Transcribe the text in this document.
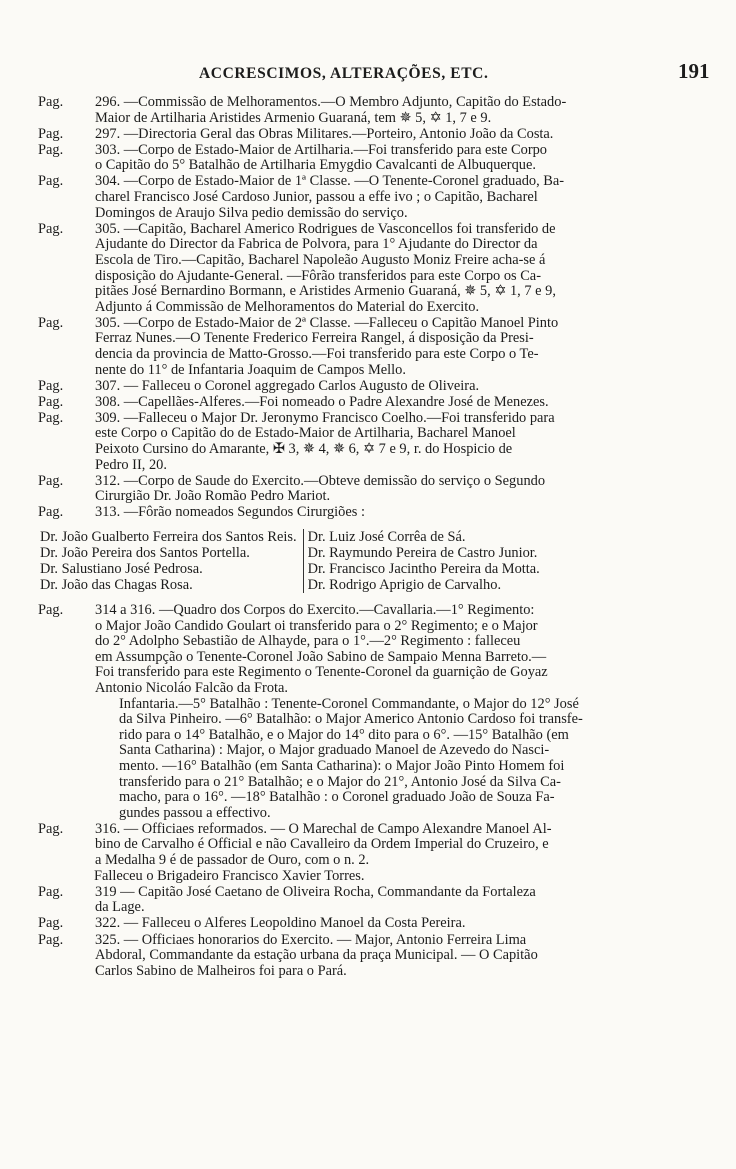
ACCRESCIMOS, ALTERAÇÕES, ETC.	191
Pag.	296. —Commissão de Melhoramentos.—O Membro Adjunto, Capitão do Estado-
Maior de Artilharia Aristides Armenio Guaraná, tem ✵ 5, ✡ 1, 7 e 9.
Pag.	297. —Directoria Geral das Obras Militares.—Porteiro, Antonio João da Costa.
Pag.	303. —Corpo de Estado-Maior de Artilharia.—Foi transferido para este Corpo
o Capitão do 5° Batalhão de Artilharia Emygdio Cavalcanti de Albuquerque.
Pag.	304. —Corpo de Estado-Maior de 1ª Classe. —O Tenente-Coronel graduado, Ba-
charel Francisco José Cardoso Junior, passou a effe ivo ; o Capitão, Bacharel
Domingos de Araujo Silva pedio demissão do serviço.
Pag.	305. —Capitão, Bacharel Americo Rodrigues de Vasconcellos foi transferido de
Ajudante do Director da Fabrica de Polvora, para 1° Ajudante do Director da
Escola de Tiro.—Capitão, Bacharel Napoleão Augusto Moniz Freire acha-se á
disposição do Ajudante-General. —Fôrão transferidos para este Corpo os Ca-
pitães José Bernardino Bormann, e Aristides Armenio Guaraná, ✵ 5, ✡ 1, 7 e 9,
Adjunto á Commissão de Melhoramentos do Material do Exercito.
Pag.	305. —Corpo de Estado-Maior de 2ª Classe. —Falleceu o Capitão Manoel Pinto
Ferraz Nunes.—O Tenente Frederico Ferreira Rangel, á disposição da Presi-
dencia da provincia de Matto-Grosso.—Foi transferido para este Corpo o Te-
nente do 11° de Infantaria Joaquim de Campos Mello.
Pag.	307. — Falleceu o Coronel aggregado Carlos Augusto de Oliveira.
Pag.	308. —Capellães-Alferes.—Foi nomeado o Padre Alexandre José de Menezes.
Pag.	309. —Falleceu o Major Dr. Jeronymo Francisco Coelho.—Foi transferido para
este Corpo o Capitão do de Estado-Maior de Artilharia, Bacharel Manoel
Peixoto Cursino do Amarante, ✠ 3, ✵ 4, ✵ 6, ✡ 7 e 9, r. do Hospicio de
Pedro II, 20.
Pag.	312. —Corpo de Saude do Exercito.—Obteve demissão do serviço o Segundo
Cirurgião Dr. João Romão Pedro Mariot.
Pag.	313. —Fôrão nomeados Segundos Cirurgiões :
Dr. João Gualberto Ferreira dos Santos Reis.	Dr. Luiz José Corrêa de Sá.
Dr. João Pereira dos Santos Portella.	Dr. Raymundo Pereira de Castro Junior.
Dr. Salustiano José Pedrosa.	Dr. Francisco Jacintho Pereira da Motta.
Dr. João das Chagas Rosa.	Dr. Rodrigo Aprigio de Carvalho.
Pag.	314 a 316. —Quadro dos Corpos do Exercito.—Cavallaria.—1° Regimento:
o Major João Candido Goulart oi transferido para o 2° Regimento; e o Major
do 2° Adolpho Sebastião de Alhayde, para o 1°.—2° Regimento : falleceu
em Assumpção o Tenente-Coronel João Sabino de Sampaio Menna Barreto.—
Foi transferido para este Regimento o Tenente-Coronel da guarnição de Goyaz
Antonio Nicoláo Falcão da Frota.
Infantaria.—5° Batalhão : Tenente-Coronel Commandante, o Major do 12° José
da Silva Pinheiro. —6° Batalhão: o Major Americo Antonio Cardoso foi transfe-
rido para o 14° Batalhão, e o Major do 14° dito para o 6°. —15° Batalhão (em
Santa Catharina) : Major, o Major graduado Manoel de Azevedo do Nasci-
mento. —16° Batalhão (em Santa Catharina): o Major João Pinto Homem foi
transferido para o 21° Batalhão; e o Major do 21°, Antonio José da Silva Ca-
macho, para o 16°. —18° Batalhão : o Coronel graduado João de Souza Fa-
gundes passou a effectivo.
Pag.	316. — Officiaes reformados. — O Marechal de Campo Alexandre Manoel Al-
bino de Carvalho é Official e não Cavalleiro da Ordem Imperial do Cruzeiro, e
a Medalha 9 é de passador de Ouro, com o n. 2.
Falleceu o Brigadeiro Francisco Xavier Torres.
Pag.	319 — Capitão José Caetano de Oliveira Rocha, Commandante da Fortaleza
da Lage.
Pag.	322. — Falleceu o Alferes Leopoldino Manoel da Costa Pereira.
Pag.	325. — Officiaes honorarios do Exercito. — Major, Antonio Ferreira Lima
Abdoral, Commandante da estação urbana da praça Municipal. — O Capitão
Carlos Sabino de Malheiros foi para o Pará.
